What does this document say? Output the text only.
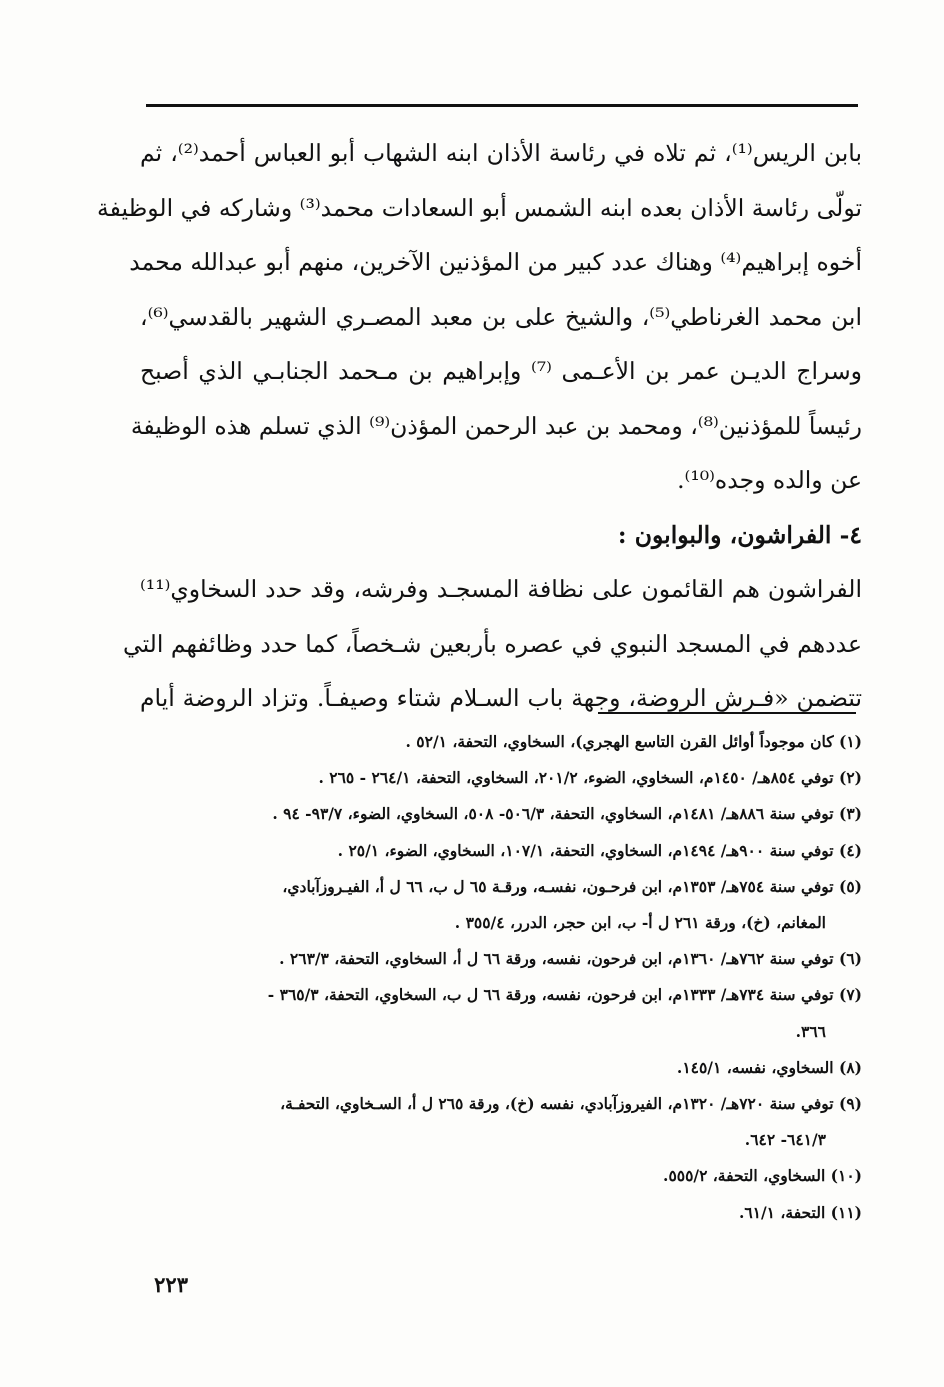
بابن الريس⁽¹⁾، ثم تلاه في رئاسة الأذان ابنه الشهاب أبو العباس أحمد⁽²⁾، ثم
تولّى رئاسة الأذان بعده ابنه الشمس أبو السعادات محمد⁽³⁾ وشاركه في الوظيفة
أخوه إبراهيم⁽⁴⁾ وهناك عدد كبير من المؤذنين الآخرين، منهم أبو عبدالله محمد
ابن محمد الغرناطي⁽⁵⁾، والشيخ على بن معبد المصـري الشهير بالقدسي⁽⁶⁾،
وسراج الديـن عمر بن الأعـمى ⁽⁷⁾ وإبراهيم بن مـحمد الجنابـي الذي أصبح
رئيساً للمؤذنين⁽⁸⁾، ومحمد بن عبد الرحمن المؤذن⁽⁹⁾ الذي تسلم هذه الوظيفة
عن والده وجده⁽¹⁰⁾.
٤- الفراشون، والبوابون :
الفراشون هم القائمون على نظافة المسجـد وفرشه، وقد حدد السخاوي⁽¹¹⁾
عددهم في المسجد النبوي في عصره بأربعين شـخصاً، كما حدد وظائفهم التي
تتضمن «فـرش الروضة، وجهة باب السـلام شتاء وصيفـاً. وتزاد الروضة أيام
(١) كان موجوداً أوائل القرن التاسع الهجري)، السخاوي، التحفة، ٥٢/١ .
(٢) توفي ٨٥٤هـ/ ١٤٥٠م، السخاوي، الضوء، ٢٠١/٢، السخاوي، التحفة، ٢٦٤/١ - ٢٦٥ .
(٣) توفي سنة ٨٨٦هـ/ ١٤٨١م، السخاوي، التحفة، ٥٠٦/٣- ٥٠٨، السخاوي، الضوء، ٩٣/٧- ٩٤ .
(٤) توفي سنة ٩٠٠هـ/ ١٤٩٤م، السخاوي، التحفة، ١٠٧/١، السخاوي، الضوء، ٢٥/١ .
(٥) توفي سنة ٧٥٤هـ/ ١٣٥٣م، ابن فرحـون، نفسـه، ورقـة ٦٥ ل ب، ٦٦ ل أ، الفيـروزآبادي،
المغانم، (خ)، ورقة ٢٦١ ل أ- ب، ابن حجر، الدرر، ٣٥٥/٤ .
(٦) توفي سنة ٧٦٢هـ/ ١٣٦٠م، ابن فرحون، نفسه، ورقة ٦٦ ل أ، السخاوي، التحفة، ٢٦٣/٣ .
(٧) توفي سنة ٧٣٤هـ/ ١٣٣٣م، ابن فرحون، نفسه، ورقة ٦٦ ل ب، السخاوي، التحفة، ٣٦٥/٣ -
٣٦٦.
(٨) السخاوي، نفسه، ١٤٥/١.
(٩) توفي سنة ٧٢٠هـ/ ١٣٢٠م، الفيروزآبادي، نفسه (خ)، ورقة ٢٦٥ ل أ، السـخاوي، التحفـة،
٦٤١/٣- ٦٤٢.
(١٠) السخاوي، التحفة، ٥٥٥/٢.
(١١) التحفة، ٦١/١.
٢٢٣
